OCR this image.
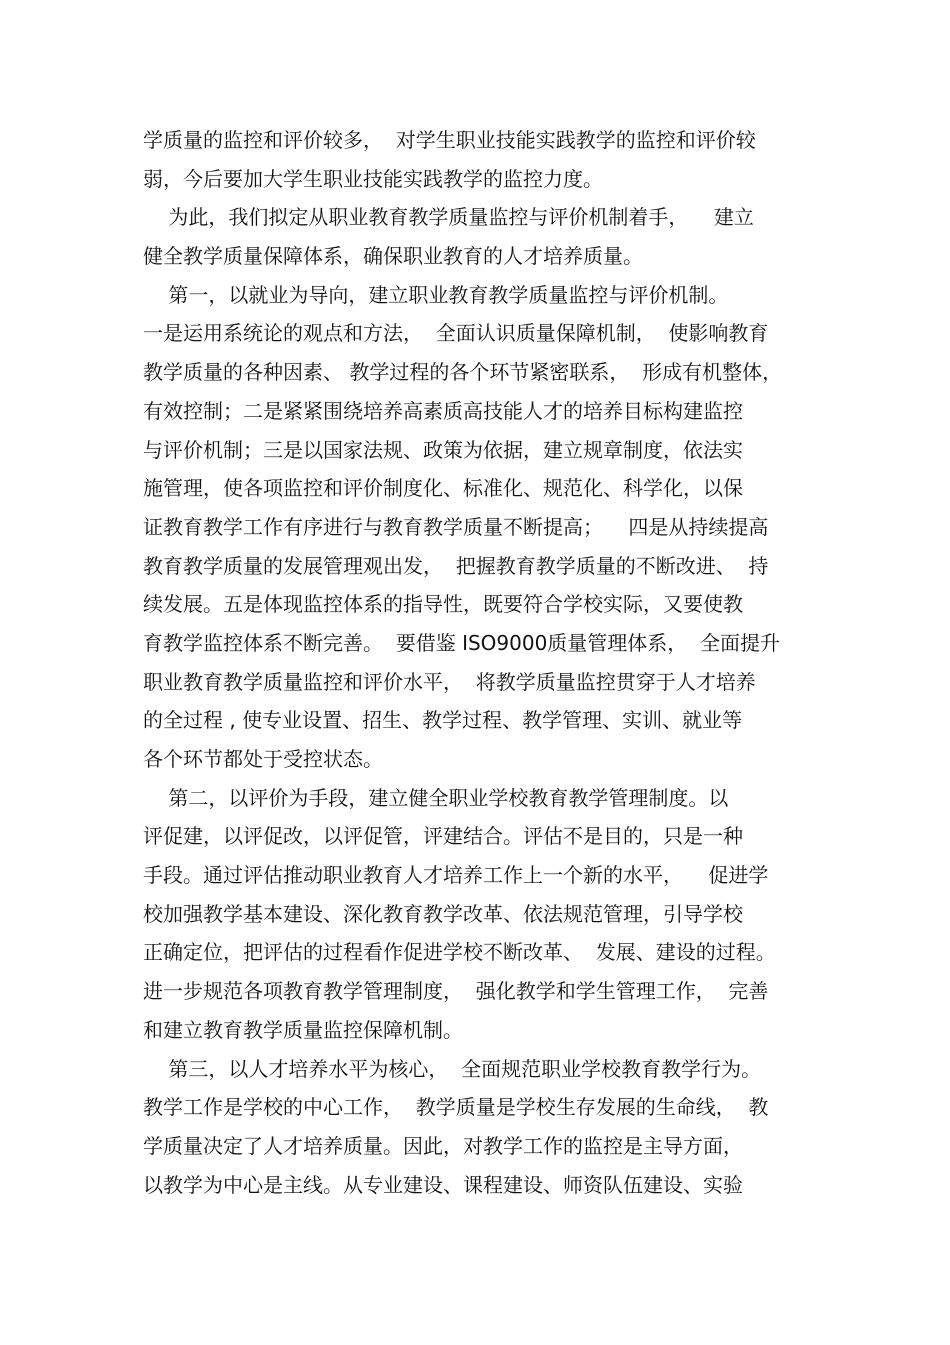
学质量的监控和评价较多，  对学生职业技能实践教学的监控和评价较
弱，今后要加大学生职业技能实践教学的监控力度。
为此，我们拟定从职业教育教学质量监控与评价机制着手，    建立
健全教学质量保障体系，确保职业教育的人才培养质量。
第一，以就业为导向，建立职业教育教学质量监控与评价机制。
一是运用系统论的观点和方法，  全面认识质量保障机制，  使影响教育
教学质量的各种因素、 教学过程的各个环节紧密联系，  形成有机整体，
有效控制；二是紧紧围绕培养高素质高技能人才的培养目标构建监控
与评价机制；三是以国家法规、政策为依据，建立规章制度，依法实
施管理，使各项监控和评价制度化、标准化、规范化、科学化，以保
证教育教学工作有序进行与教育教学质量不断提高；    四是从持续提高
教育教学质量的发展管理观出发，  把握教育教学质量的不断改进、  持
续发展。五是体现监控体系的指导性，既要符合学校实际，又要使教
育教学监控体系不断完善。  要借鉴 ISO9000质量管理体系，  全面提升
职业教育教学质量监控和评价水平，  将教学质量监控贯穿于人才培养
的全过程 , 使专业设置、招生、教学过程、教学管理、实训、就业等
各个环节都处于受控状态。
第二，以评价为手段，建立健全职业学校教育教学管理制度。以
评促建，以评促改，以评促管，评建结合。评估不是目的，只是一种
手段。通过评估推动职业教育人才培养工作上一个新的水平，    促进学
校加强教学基本建设、深化教育教学改革、依法规范管理，引导学校
正确定位，把评估的过程看作促进学校不断改革、  发展、建设的过程。
进一步规范各项教育教学管理制度，  强化教学和学生管理工作，  完善
和建立教育教学质量监控保障机制。
第三，以人才培养水平为核心，  全面规范职业学校教育教学行为。
教学工作是学校的中心工作，  教学质量是学校生存发展的生命线，  教
学质量决定了人才培养质量。因此，对教学工作的监控是主导方面，
以教学为中心是主线。从专业建设、课程建设、师资队伍建设、实验
